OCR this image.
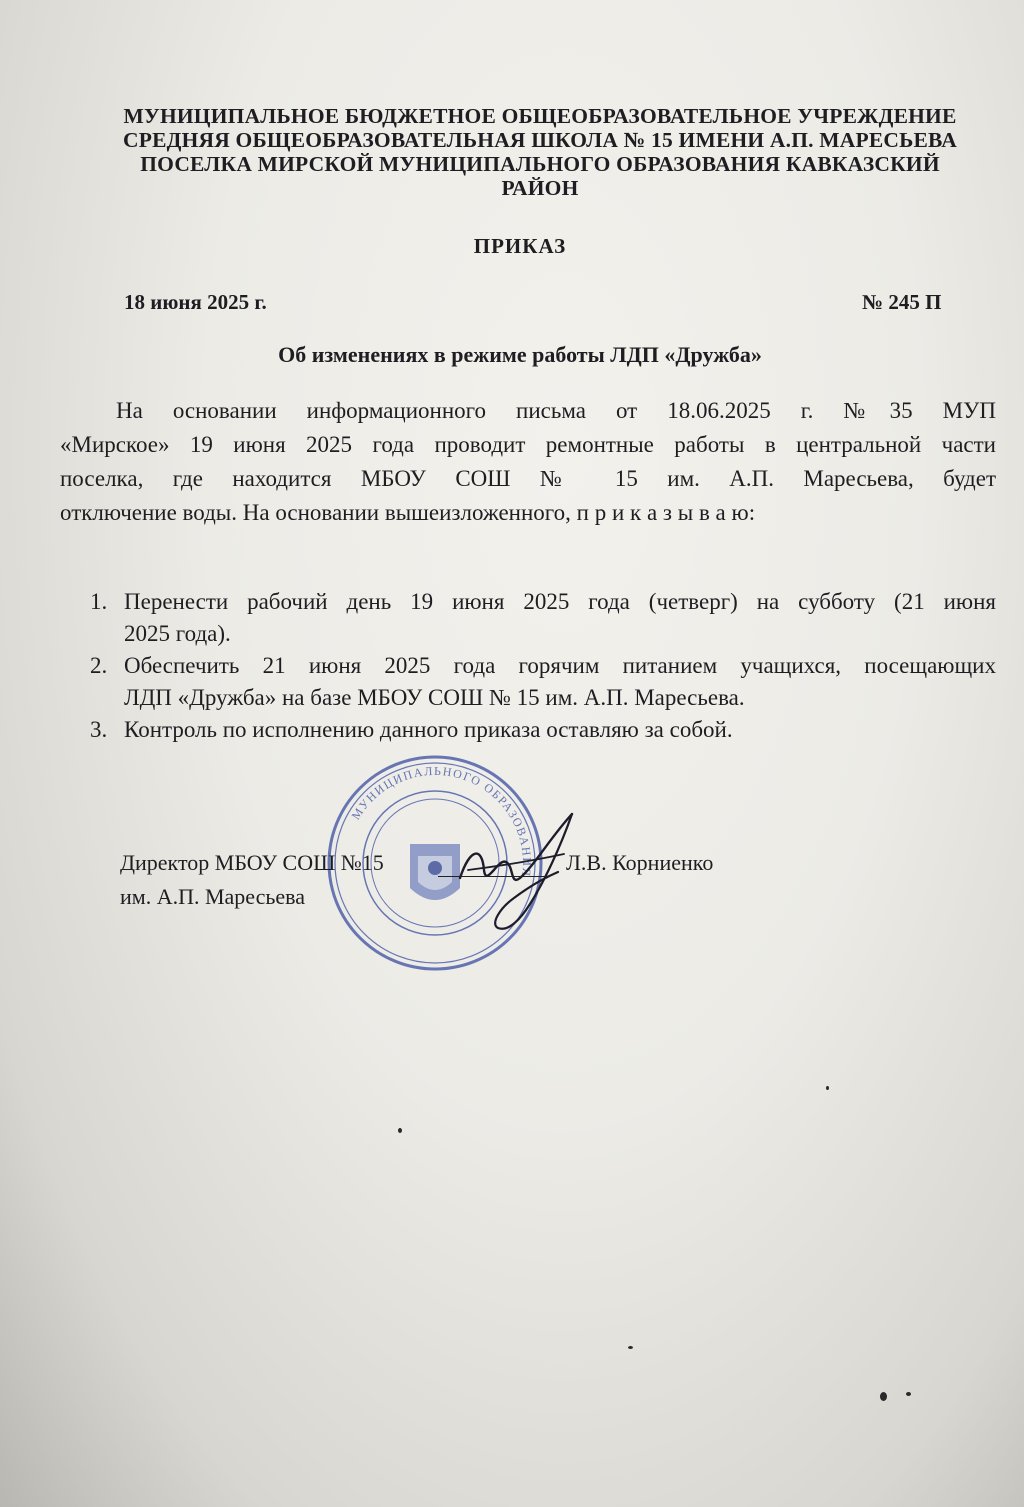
МУНИЦИПАЛЬНОЕ БЮДЖЕТНОЕ ОБЩЕОБРАЗОВАТЕЛЬНОЕ УЧРЕЖДЕНИЕ
СРЕДНЯЯ ОБЩЕОБРАЗОВАТЕЛЬНАЯ ШКОЛА № 15 ИМЕНИ А.П. МАРЕСЬЕВА
ПОСЕЛКА МИРСКОЙ МУНИЦИПАЛЬНОГО ОБРАЗОВАНИЯ КАВКАЗСКИЙ
РАЙОН
ПРИКАЗ
18 июня 2025 г.	№ 245 П
Об изменениях в режиме работы ЛДП «Дружба»
На основании информационного письма от 18.06.2025 г. №35 МУП
«Мирское» 19 июня 2025 года проводит ремонтные работы в центральной части
поселка, где находится МБОУ СОШ № 15 им. А.П. Маресьева, будет
отключение воды. На основании вышеизложенного, п р и к а з ы в а ю:
1. Перенести рабочий день 19 июня 2025 года (четверг) на субботу (21 июня
2025 года).
2. Обеспечить 21 июня 2025 года горячим питанием учащихся, посещающих
ЛДП «Дружба» на базе МБОУ СОШ № 15 им. А.П. Маресьева.
3. Контроль по исполнению данного приказа оставляю за собой.
МУНИЦИПАЛЬНОГО ОБРАЗОВАНИЯ
Директор МБОУ СОШ №15
им. А.П. Маресьева
Л.В. Корниенко
